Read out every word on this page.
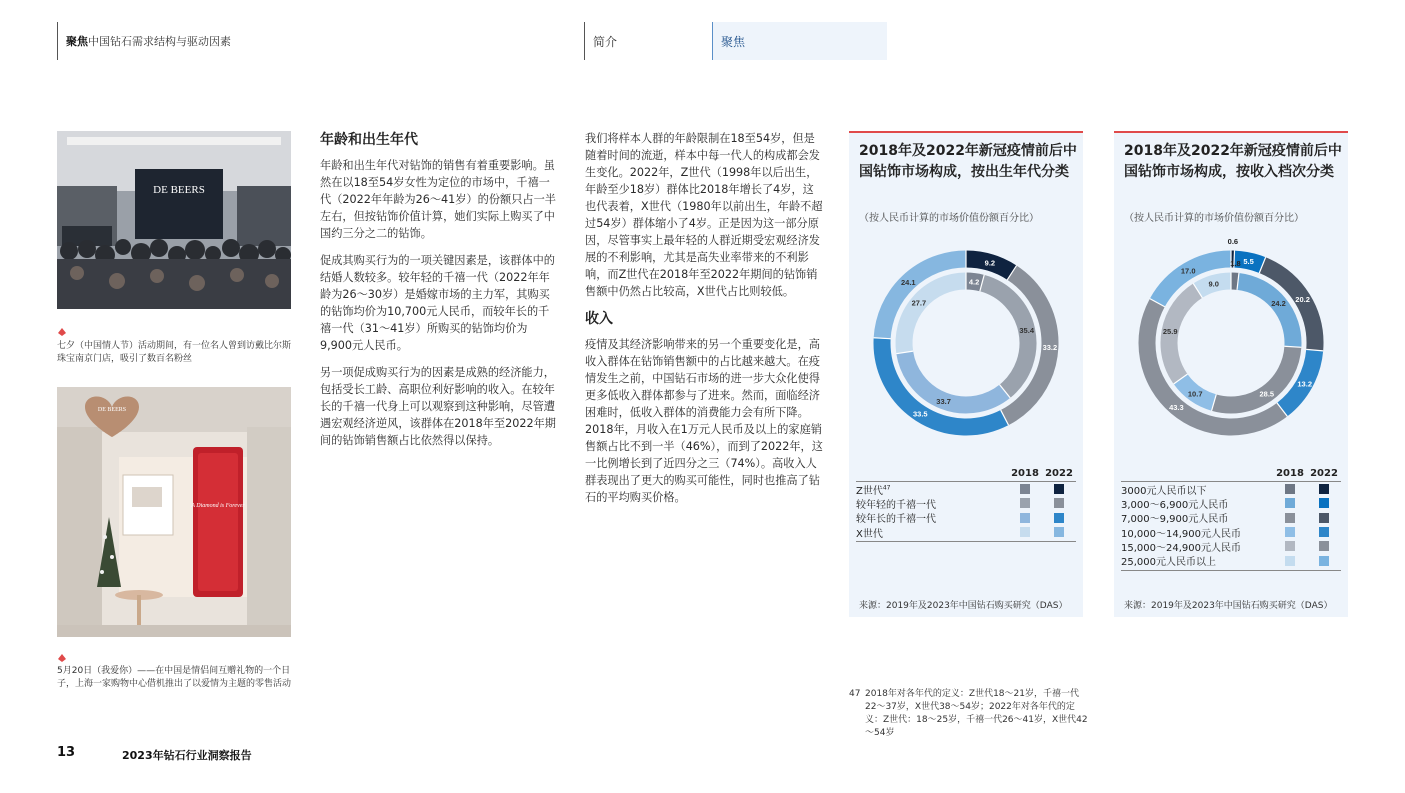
聚焦 中国钻石需求结构与驱动因素	简介	聚焦
DE BEERS
七夕（中国情人节）活动期间，有一位名人曾到访戴比尔斯珠宝南京门店，吸引了数百名粉丝
DE BEERS
A Diamond is Forever
5月20日（我爱你）——在中国是情侣间互赠礼物的一个日子，上海一家购物中心借机推出了以爱情为主题的零售活动
年龄和出生年代

年龄和出生年代对钻饰的销售有着重要影响。虽然在以18至54岁女性为定位的市场中，千禧一代（2022年年龄为26～41岁）的份额只占一半左右，但按钻饰价值计算，她们实际上购买了中国约三分之二的钻饰。

促成其购买行为的一项关键因素是，该群体中的结婚人数较多。较年轻的千禧一代（2022年年龄为26～30岁）是婚嫁市场的主力军，其购买的钻饰均价为10,700元人民币，而较年长的千禧一代（31～41岁）所购买的钻饰均价为9,900元人民币。

另一项促成购买行为的因素是成熟的经济能力，包括受长工龄、高职位利好影响的收入。在较年长的千禧一代身上可以观察到这种影响，尽管遭遇宏观经济逆风，该群体在2018年至2022年期间的钻饰销售额占比依然得以保持。

我们将样本人群的年龄限制在18至54岁，但是随着时间的流逝，样本中每一代人的构成都会发生变化。2022年，Z世代（1998年以后出生，年龄至少18岁）群体比2018年增长了4岁，这也代表着，X世代（1980年以前出生，年龄不超过54岁）群体缩小了4岁。正是因为这一部分原因，尽管事实上最年轻的人群近期受宏观经济发展的不利影响，尤其是高失业率带来的不利影响，而Z世代在2018年至2022年期间的钻饰销售额中仍然占比较高，X世代占比则较低。

收入

疫情及其经济影响带来的另一个重要变化是，高收入群体在钻饰销售额中的占比越来越大。在疫情发生之前，中国钻石市场的进一步大众化使得更多低收入群体都参与了进来。然而，面临经济困难时，低收入群体的消费能力会有所下降。2018年，月收入在1万元人民币及以上的家庭销售额占比不到一半（46%），而到了2022年，这一比例增长到了近四分之三（74%）。高收入人群表现出了更大的购买可能性，同时也推高了钻石的平均购买价格。

2018年及2022年新冠疫情前后中国钻饰市场构成，按出生年代分类
（按人民币计算的市场价值份额百分比）
9.2
33.2
33.5
24.1	4.2
35.4
33.7
27.7
2018 2022
Z世代$^{47}$
较年轻的千禧一代
较年长的千禧一代
X世代
来源：2019年及2023年中国钻石购买研究（DAS）
2018年及2022年新冠疫情前后中国钻饰市场构成，按收入档次分类
（按人民币计算的市场价值份额百分比）
0.6
5.5
20.2
13.2
43.3
17.0
1.8
24.2
28.5
10.7
25.9
9.0
2018 2022
3000元人民币以下
3,000～6,900元人民币
7,000～9,900元人民币
10,000～14,900元人民币
15,000～24,900元人民币
25,000元人民币以上
来源：2019年及2023年中国钻石购买研究（DAS）
47 2018年对各年代的定义：Z世代18～21岁，千禧一代22～37岁，X世代38～54岁；2022年对各年代的定义：Z世代：18～25岁，千禧一代26～41岁，X世代42～54岁
13	2023年钻石行业洞察报告
